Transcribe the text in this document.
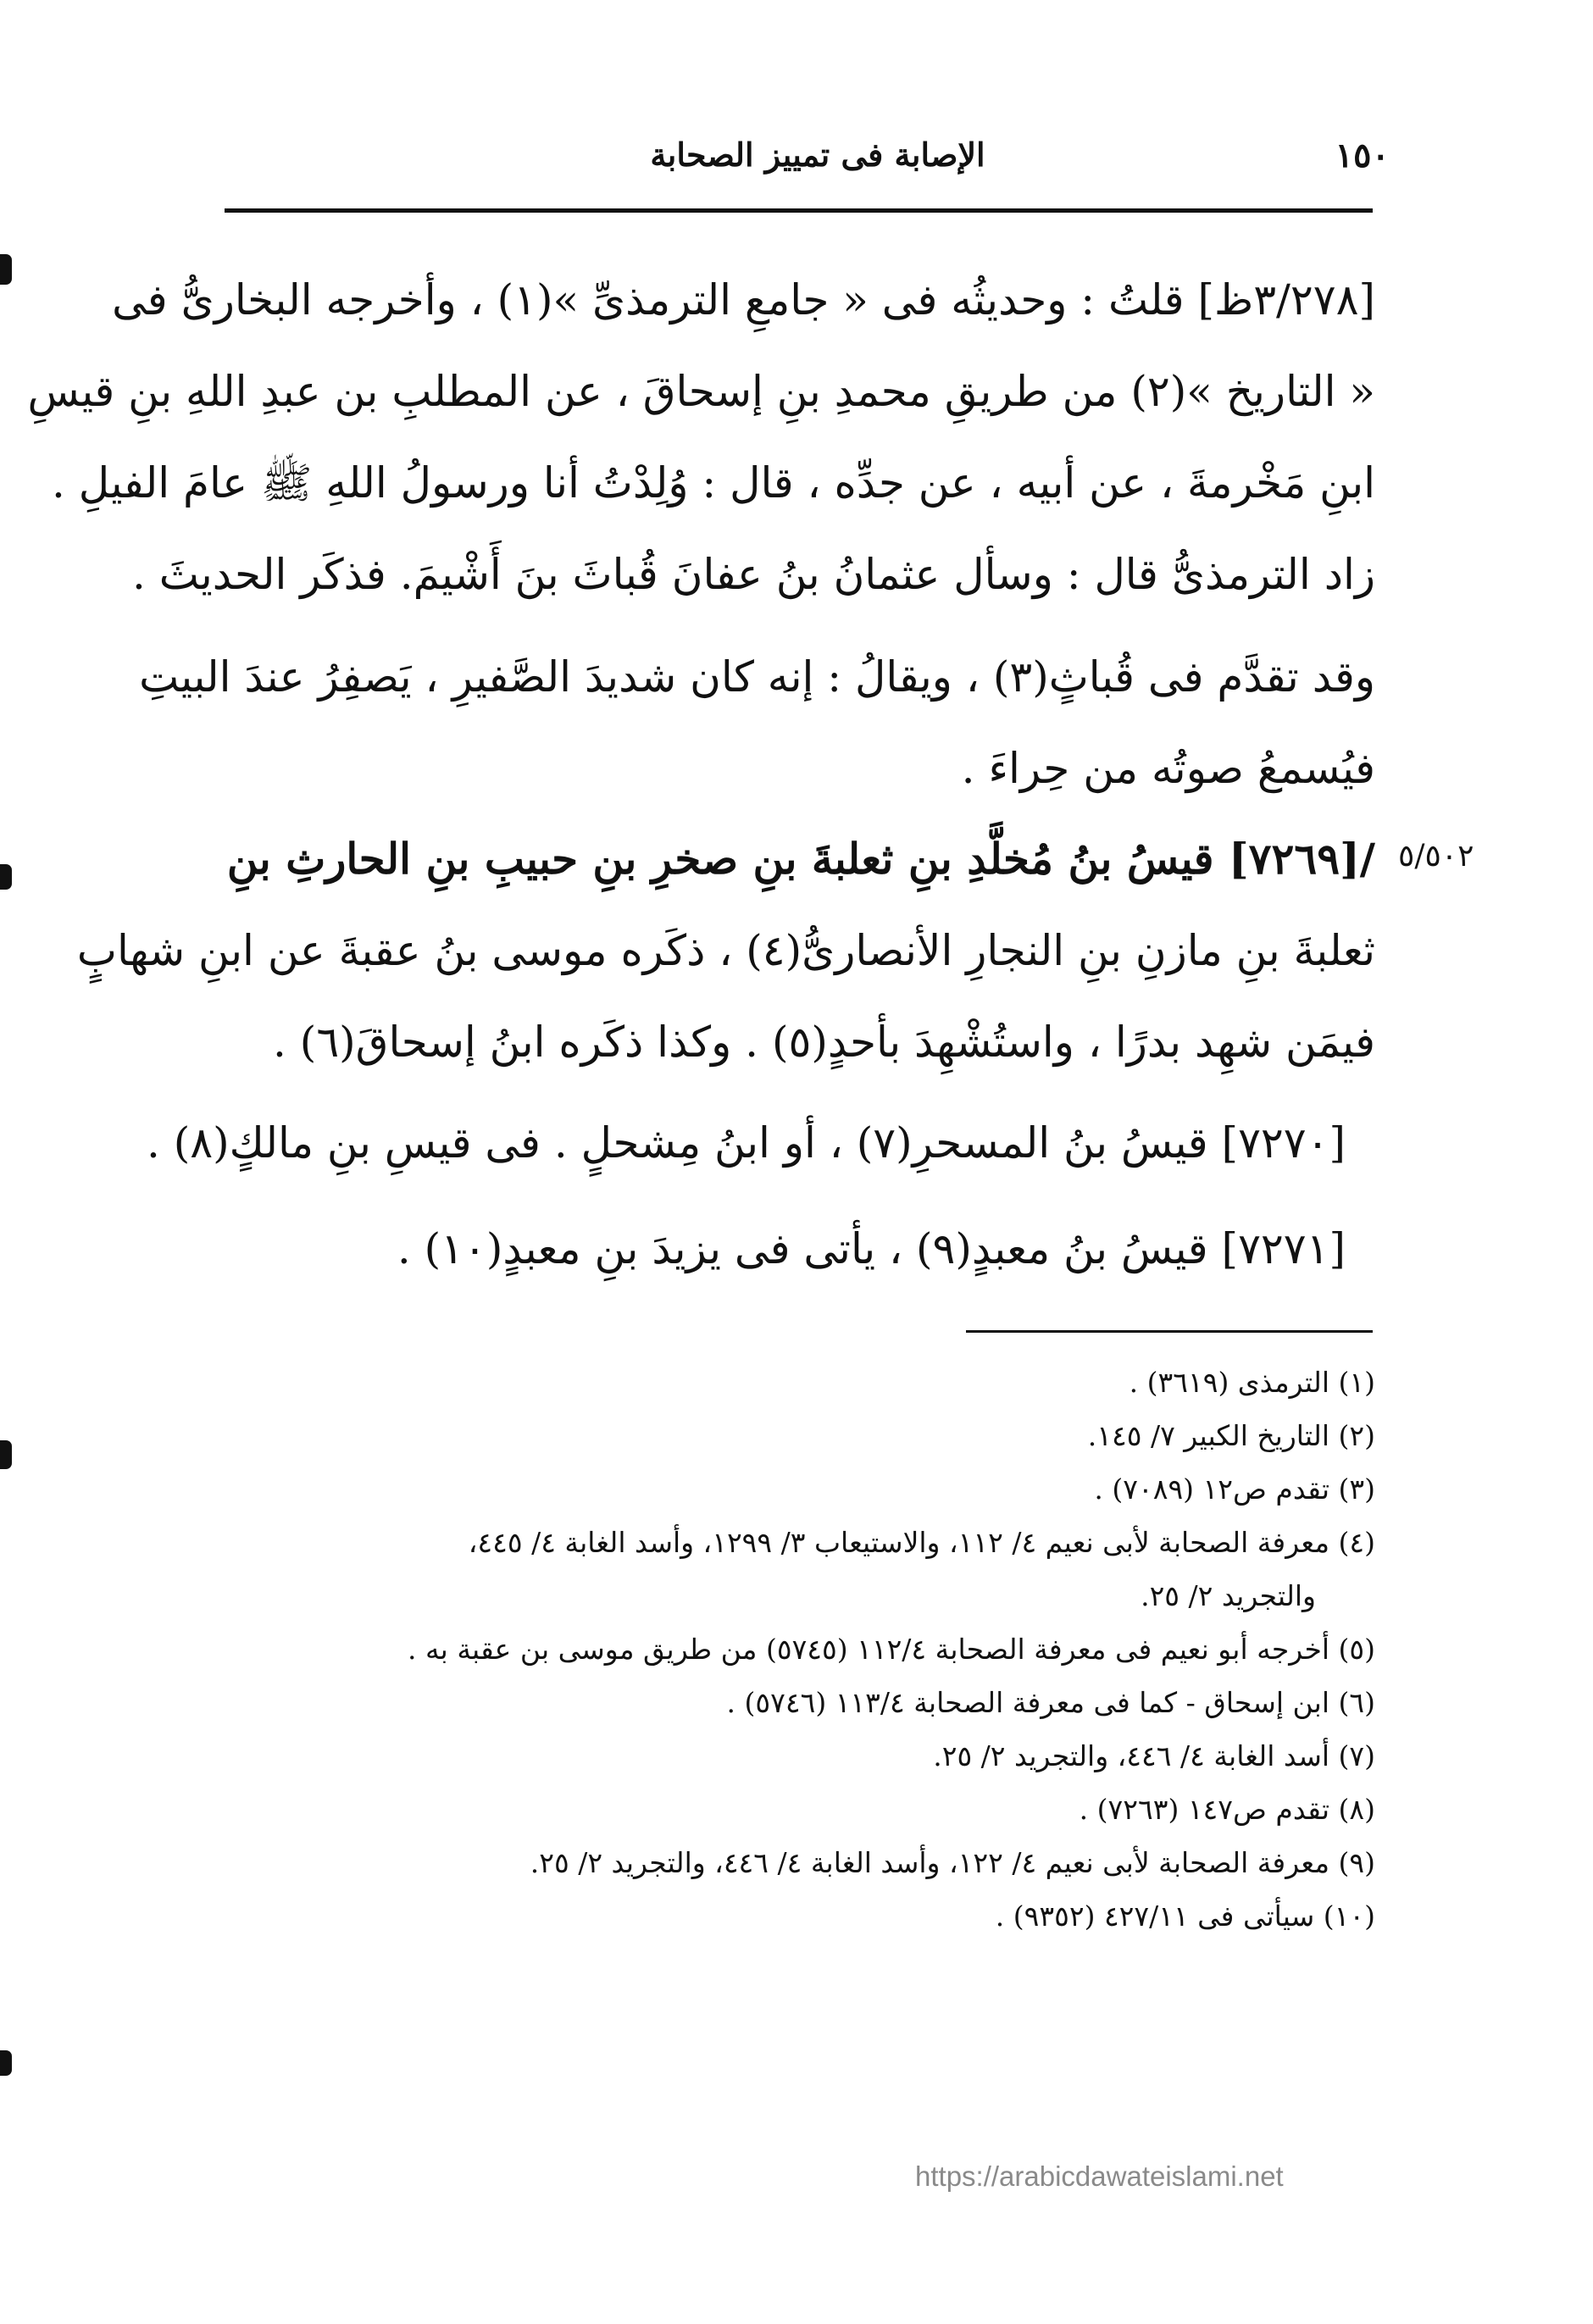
١٥٠
الإصابة فى تمييز الصحابة
[٣/٢٧٨ظ] قلتُ : وحديثُه فى « جامعِ الترمذىِّ »(١) ، وأخرجه البخارىُّ فى
« التاريخ »(٢) من طريقِ محمدِ بنِ إسحاقَ ، عن المطلبِ بن عبدِ اللهِ بنِ قيسِ
ابنِ مَخْرمةَ ، عن أبيه ، عن جدِّه ، قال : وُلِدْتُ أنا ورسولُ اللهِ ﷺ عامَ الفيلِ .
زاد الترمذىُّ قال : وسأل عثمانُ بنُ عفانَ قُباثَ بنَ أَشْيمَ. فذكَر الحديثَ .
وقد تقدَّم فى قُباثٍ(٣) ، ويقالُ : إنه كان شديدَ الصَّفيرِ ، يَصفِرُ عندَ البيتِ
فيُسمعُ صوتُه من حِراءَ .
٥/٥٠٢
/[٧٢٦٩] قيسُ بنُ مُخلَّدِ بنِ ثعلبةَ بنِ صخرِ بنِ حبيبِ بنِ الحارثِ بنِ
ثعلبةَ بنِ مازنِ بنِ النجارِ الأنصارىُّ(٤) ، ذكَره موسى بنُ عقبةَ عن ابنِ شهابٍ
فيمَن شهِد بدرًا ، واستُشْهِدَ بأحدٍ(٥) . وكذا ذكَره ابنُ إسحاقَ(٦) .
[٧٢٧٠] قيسُ بنُ المسحرِ(٧) ، أو ابنُ مِشحلٍ . فى قيسِ بنِ مالكٍ(٨) .
[٧٢٧١] قيسُ بنُ معبدٍ(٩) ، يأتى فى يزيدَ بنِ معبدٍ(١٠) .
(١) الترمذى (٣٦١٩) .
(٢) التاريخ الكبير ٧/ ١٤٥.
(٣) تقدم ص١٢ (٧٠٨٩) .
(٤) معرفة الصحابة لأبى نعيم ٤/ ١١٢، والاستيعاب ٣/ ١٢٩٩، وأسد الغابة ٤/ ٤٤٥،
والتجريد ٢/ ٢٥.
(٥) أخرجه أبو نعيم فى معرفة الصحابة ١١٢/٤ (٥٧٤٥) من طريق موسى بن عقبة به .
(٦) ابن إسحاق - كما فى معرفة الصحابة ١١٣/٤ (٥٧٤٦) .
(٧) أسد الغابة ٤/ ٤٤٦، والتجريد ٢/ ٢٥.
(٨) تقدم ص١٤٧ (٧٢٦٣) .
(٩) معرفة الصحابة لأبى نعيم ٤/ ١٢٢، وأسد الغابة ٤/ ٤٤٦، والتجريد ٢/ ٢٥.
(١٠) سيأتى فى ٤٢٧/١١ (٩٣٥٢) .
https://arabicdawateislami.net
